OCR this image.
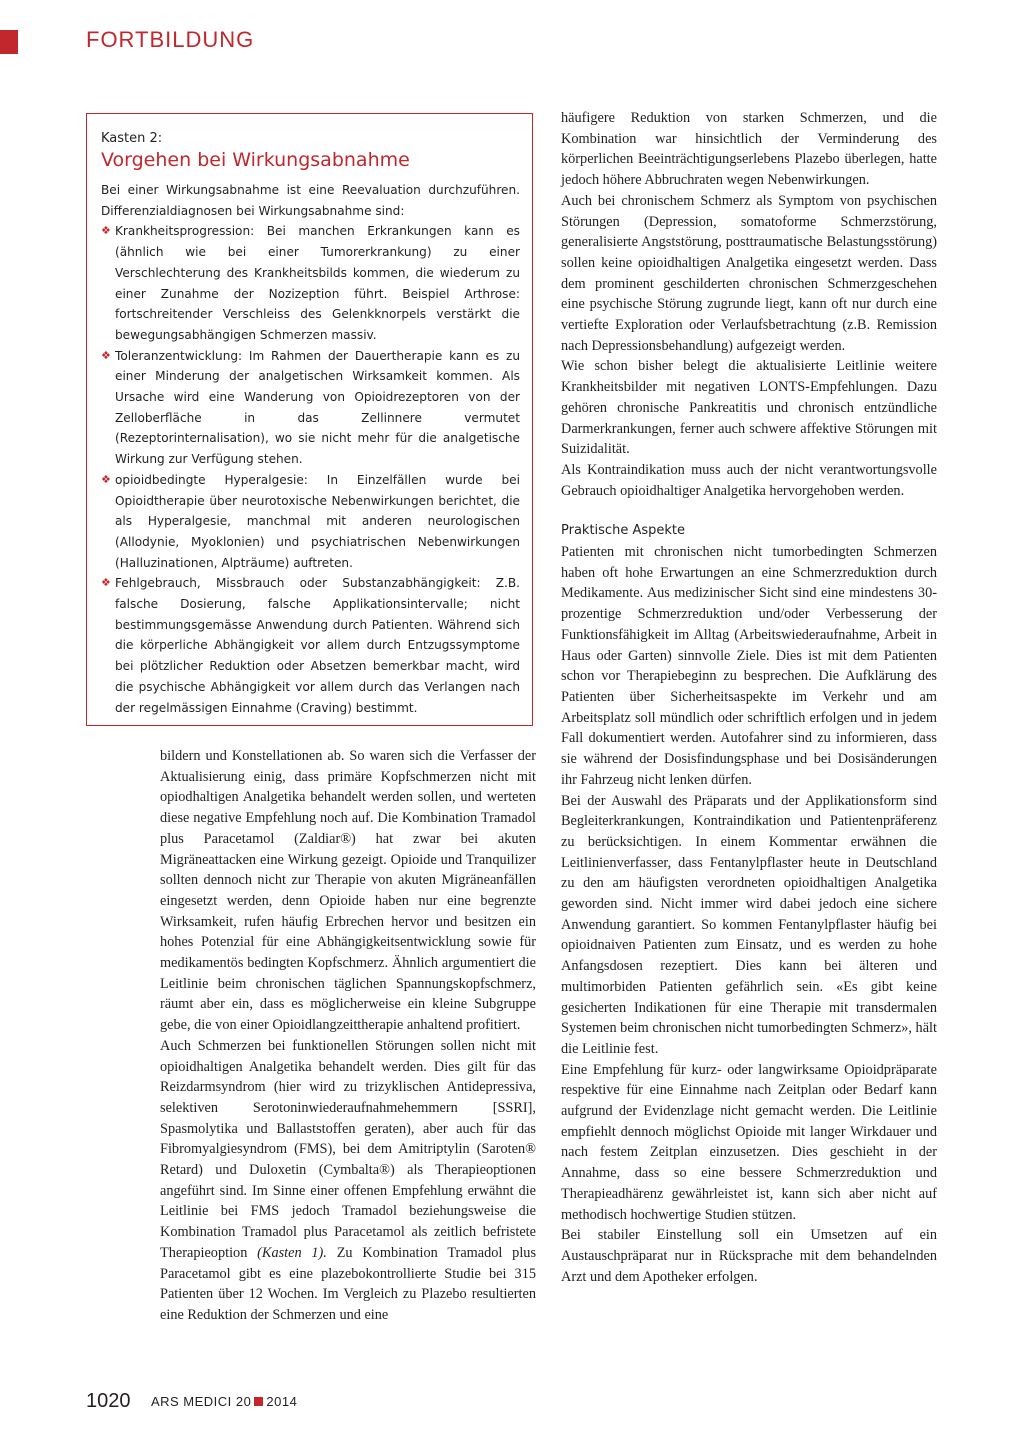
FORTBILDUNG
Kasten 2:
Vorgehen bei Wirkungsabnahme

Bei einer Wirkungsabnahme ist eine Reevaluation durchzuführen. Differenzialdiagnosen bei Wirkungsabnahme sind:

❖ Krankheitsprogression: Bei manchen Erkrankungen kann es (ähnlich wie bei einer Tumorerkrankung) zu einer Verschlechterung des Krankheitsbilds kommen, die wiederum zu einer Zunahme der Nozizeption führt. Beispiel Arthrose: fortschreitender Verschleiss des Gelenkknorpels verstärkt die bewegungsabhängigen Schmerzen massiv.
❖ Toleranzentwicklung: Im Rahmen der Dauertherapie kann es zu einer Minderung der analgetischen Wirksamkeit kommen. Als Ursache wird eine Wanderung von Opioidrezeptoren von der Zelloberfläche in das Zellinnere vermutet (Rezeptorinternalisation), wo sie nicht mehr für die analgetische Wirkung zur Verfügung stehen.
❖ opioidbedingte Hyperalgesie: In Einzelfällen wurde bei Opioidtherapie über neurotoxische Nebenwirkungen berichtet, die als Hyperalgesie, manchmal mit anderen neurologischen (Allodynie, Myoklonien) und psychiatrischen Nebenwirkungen (Halluzinationen, Alpträume) auftreten.
❖ Fehlgebrauch, Missbrauch oder Substanzabhängigkeit: Z.B. falsche Dosierung, falsche Applikationsintervalle; nicht bestimmungsgemässe Anwendung durch Patienten. Während sich die körperliche Abhängigkeit vor allem durch Entzugssymptome bei plötzlicher Reduktion oder Absetzen bemerkbar macht, wird die psychische Abhängigkeit vor allem durch das Verlangen nach der regelmässigen Einnahme (Craving) bestimmt.

bildern und Konstellationen ab. So waren sich die Verfasser der Aktualisierung einig, dass primäre Kopfschmerzen nicht mit opiodhaltigen Analgetika behandelt werden sollen, und werteten diese negative Empfehlung noch auf. Die Kombination Tramadol plus Paracetamol (Zaldiar®) hat zwar bei akuten Migräneattacken eine Wirkung gezeigt. Opioide und Tranquilizer sollten dennoch nicht zur Therapie von akuten Migräneanfällen eingesetzt werden, denn Opioide haben nur eine begrenzte Wirksamkeit, rufen häufig Erbrechen hervor und besitzen ein hohes Potenzial für eine Abhängigkeitsentwicklung sowie für medikamentös bedingten Kopfschmerz. Ähnlich argumentiert die Leitlinie beim chronischen täglichen Spannungskopfschmerz, räumt aber ein, dass es möglicherweise ein kleine Subgruppe gebe, die von einer Opioidlangzeittherapie anhaltend profitiert.

Auch Schmerzen bei funktionellen Störungen sollen nicht mit opioidhaltigen Analgetika behandelt werden. Dies gilt für das Reizdarmsyndrom (hier wird zu trizyklischen Antidepressiva, selektiven Serotoninwiederaufnahmehemmern [SSRI], Spasmolytika und Ballaststoffen geraten), aber auch für das Fibromyalgiesyndrom (FMS), bei dem Amitriptylin (Saroten® Retard) und Duloxetin (Cymbalta®) als Therapieoptionen angeführt sind. Im Sinne einer offenen Empfehlung erwähnt die Leitlinie bei FMS jedoch Tramadol beziehungsweise die Kombination Tramadol plus Paracetamol als zeitlich befristete Therapieoption (Kasten 1). Zu Kombination Tramadol plus Paracetamol gibt es eine plazebokontrollierte Studie bei 315 Patienten über 12 Wochen. Im Vergleich zu Plazebo resultierten eine Reduktion der Schmerzen und eine

häufigere Reduktion von starken Schmerzen, und die Kombination war hinsichtlich der Verminderung des körperlichen Beeinträchtigungserlebens Plazebo überlegen, hatte jedoch höhere Abbruchraten wegen Nebenwirkungen.

Auch bei chronischem Schmerz als Symptom von psychischen Störungen (Depression, somatoforme Schmerzstörung, generalisierte Angststörung, posttraumatische Belastungsstörung) sollen keine opioidhaltigen Analgetika eingesetzt werden. Dass dem prominent geschilderten chronischen Schmerzgeschehen eine psychische Störung zugrunde liegt, kann oft nur durch eine vertiefte Exploration oder Verlaufsbetrachtung (z.B. Remission nach Depressionsbehandlung) aufgezeigt werden.

Wie schon bisher belegt die aktualisierte Leitlinie weitere Krankheitsbilder mit negativen LONTS-Empfehlungen. Dazu gehören chronische Pankreatitis und chronisch entzündliche Darmerkrankungen, ferner auch schwere affektive Störungen mit Suizidalität.

Als Kontraindikation muss auch der nicht verantwortungsvolle Gebrauch opioidhaltiger Analgetika hervorgehoben werden.

Praktische Aspekte

Patienten mit chronischen nicht tumorbedingten Schmerzen haben oft hohe Erwartungen an eine Schmerzreduktion durch Medikamente. Aus medizinischer Sicht sind eine mindestens 30-prozentige Schmerzreduktion und/oder Verbesserung der Funktionsfähigkeit im Alltag (Arbeitswiederaufnahme, Arbeit in Haus oder Garten) sinnvolle Ziele. Dies ist mit dem Patienten schon vor Therapiebeginn zu besprechen. Die Aufklärung des Patienten über Sicherheitsaspekte im Verkehr und am Arbeitsplatz soll mündlich oder schriftlich erfolgen und in jedem Fall dokumentiert werden. Autofahrer sind zu informieren, dass sie während der Dosisfindungsphase und bei Dosisänderungen ihr Fahrzeug nicht lenken dürfen.

Bei der Auswahl des Präparats und der Applikationsform sind Begleiterkrankungen, Kontraindikation und Patientenpräferenz zu berücksichtigen. In einem Kommentar erwähnen die Leitlinienverfasser, dass Fentanylpflaster heute in Deutschland zu den am häufigsten verordneten opioidhaltigen Analgetika geworden sind. Nicht immer wird dabei jedoch eine sichere Anwendung garantiert. So kommen Fentanylpflaster häufig bei opioidnaiven Patienten zum Einsatz, und es werden zu hohe Anfangsdosen rezeptiert. Dies kann bei älteren und multimorbiden Patienten gefährlich sein. «Es gibt keine gesicherten Indikationen für eine Therapie mit transdermalen Systemen beim chronischen nicht tumorbedingten Schmerz», hält die Leitlinie fest.

Eine Empfehlung für kurz- oder langwirksame Opioidpräparate respektive für eine Einnahme nach Zeitplan oder Bedarf kann aufgrund der Evidenzlage nicht gemacht werden. Die Leitlinie empfiehlt dennoch möglichst Opioide mit langer Wirkdauer und nach festem Zeitplan einzusetzen. Dies geschieht in der Annahme, dass so eine bessere Schmerzreduktion und Therapieadhärenz gewährleistet ist, kann sich aber nicht auf methodisch hochwertige Studien stützen.

Bei stabiler Einstellung soll ein Umsetzen auf ein Austauschpräparat nur in Rücksprache mit dem behandelnden Arzt und dem Apotheker erfolgen.

1020 ARS MEDICI 20 2014
